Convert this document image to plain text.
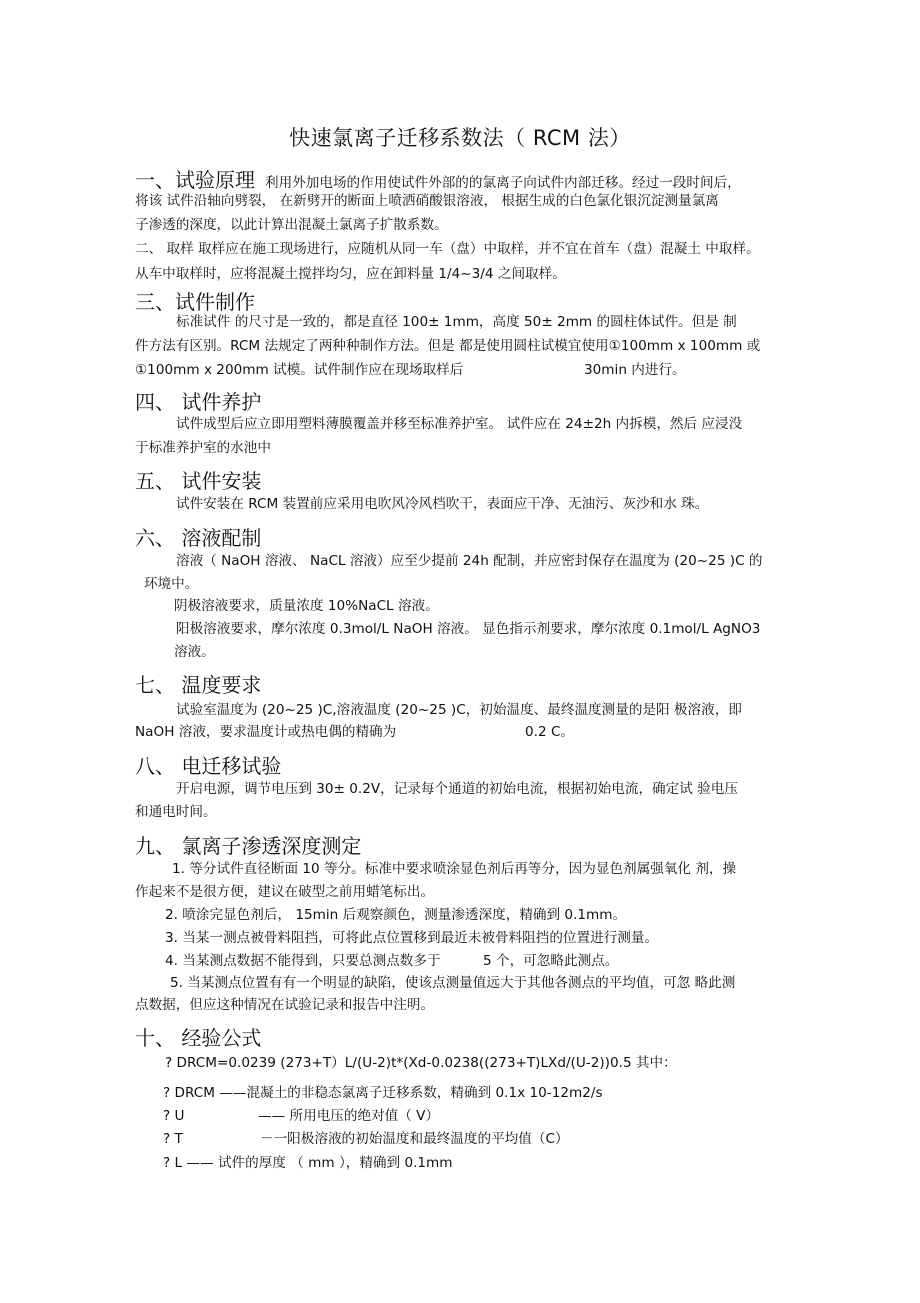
快速氯离子迁移系数法（ RCM 法）
一、试验原理 利用外加电场的作用使试件外部的的氯离子向试件内部迁移。经过一段时间后，
将该 试件沿轴向劈裂， 在新劈开的断面上喷洒硝酸银溶液， 根据生成的白色氯化银沉淀测量氯离
子渗透的深度，以此计算出混凝土氯离子扩散系数。
二、 取样 取样应在施工现场进行，应随机从同一车（盘）中取样，并不宜在首车（盘）混凝土 中取样。
从车中取样时，应将混凝土搅拌均匀，应在卸料量 1/4~3/4 之间取样。
三、试件制作
标准试件 的尺寸是一致的，都是直径 100± 1mm，高度 50± 2mm 的圆柱体试件。但是 制
件方法有区别。RCM 法规定了两种种制作方法。但是 都是使用圆柱试模宜使用①100mm x 100mm 或
①100mm x 200mm 试模。试件制作应在现场取样后	30min 内进行。
四、 试件养护
试件成型后应立即用塑料薄膜覆盖并移至标准养护室。 试件应在 24±2h 内拆模，然后 应浸没
于标准养护室的水池中
五、 试件安装
试件安装在 RCM 装置前应采用电吹风冷风档吹干，表面应干净、无油污、灰沙和水 珠。
六、 溶液配制
溶液（ NaOH 溶液、 NaCL 溶液）应至少提前 24h 配制，并应密封保存在温度为 (20~25 )C 的
环境中。
阴极溶液要求，质量浓度 10%NaCL 溶液。
阳极溶液要求，摩尔浓度 0.3mol/L NaOH 溶液。 显色指示剂要求，摩尔浓度 0.1mol/L AgNO3
溶液。
七、 温度要求
试验室温度为 (20~25 )C,溶液温度 (20~25 )C，初始温度、最终温度测量的是阳 极溶液，即
NaOH 溶液，要求温度计或热电偶的精确为	0.2 C。
八、 电迁移试验
开启电源，调节电压到 30± 0.2V，记录每个通道的初始电流，根据初始电流，确定试 验电压
和通电时间。
九、 氯离子渗透深度测定
1. 等分试件直径断面 10 等分。标准中要求喷涂显色剂后再等分，因为显色剂属强氧化 剂，操
作起来不是很方便，建议在破型之前用蜡笔标出。
2. 喷涂完显色剂后， 15min 后观察颜色，测量渗透深度，精确到 0.1mm。
3. 当某一测点被骨料阻挡，可将此点位置移到最近未被骨料阻挡的位置进行测量。
4. 当某测点数据不能得到，只要总测点数多于	5 个，可忽略此测点。
5. 当某测点位置有有一个明显的缺陷，使该点测量值远大于其他各测点的平均值，可忽 略此测
点数据，但应这种情况在试验记录和报告中注明。
十、 经验公式
? DRCM=0.0239 (273+T）L/(U-2)t*(Xd-0.0238((273+T)LXd/(U-2))0.5 其中：
? DRCM ——混凝土的非稳态氯离子迁移系数，精确到 0.1x 10-12m2/s
? U	—— 所用电压的绝对值（ V）
? T	－一阳极溶液的初始温度和最终温度的平均值（C）
? L —— 试件的厚度 （ mm ），精确到 0.1mm
